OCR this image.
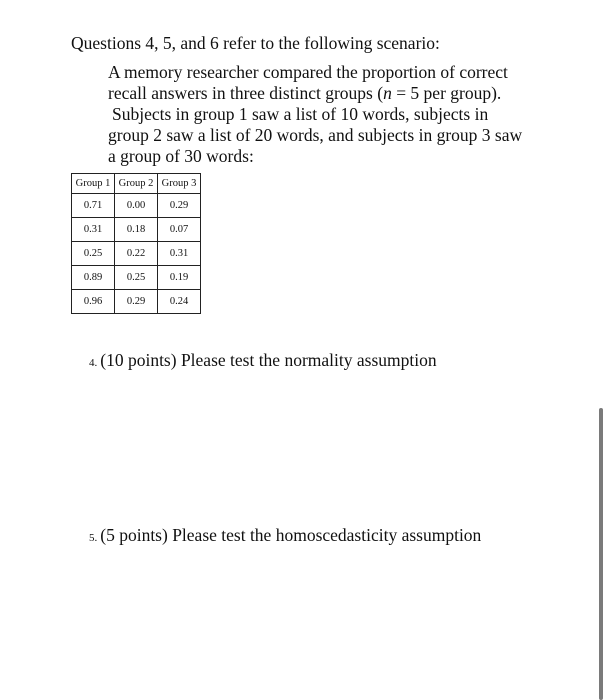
Questions 4, 5, and 6 refer to the following scenario:
A memory researcher compared the proportion of correct
recall answers in three distinct groups (n = 5 per group).
Subjects in group 1 saw a list of 10 words, subjects in
group 2 saw a list of 20 words, and subjects in group 3 saw
a group of 30 words:
Group 1	Group 2	Group 3
0.71	0.00	0.29
0.31	0.18	0.07
0.25	0.22	0.31
0.89	0.25	0.19
0.96	0.29	0.24
4. (10 points) Please test the normality assumption
5. (5 points) Please test the homoscedasticity assumption
